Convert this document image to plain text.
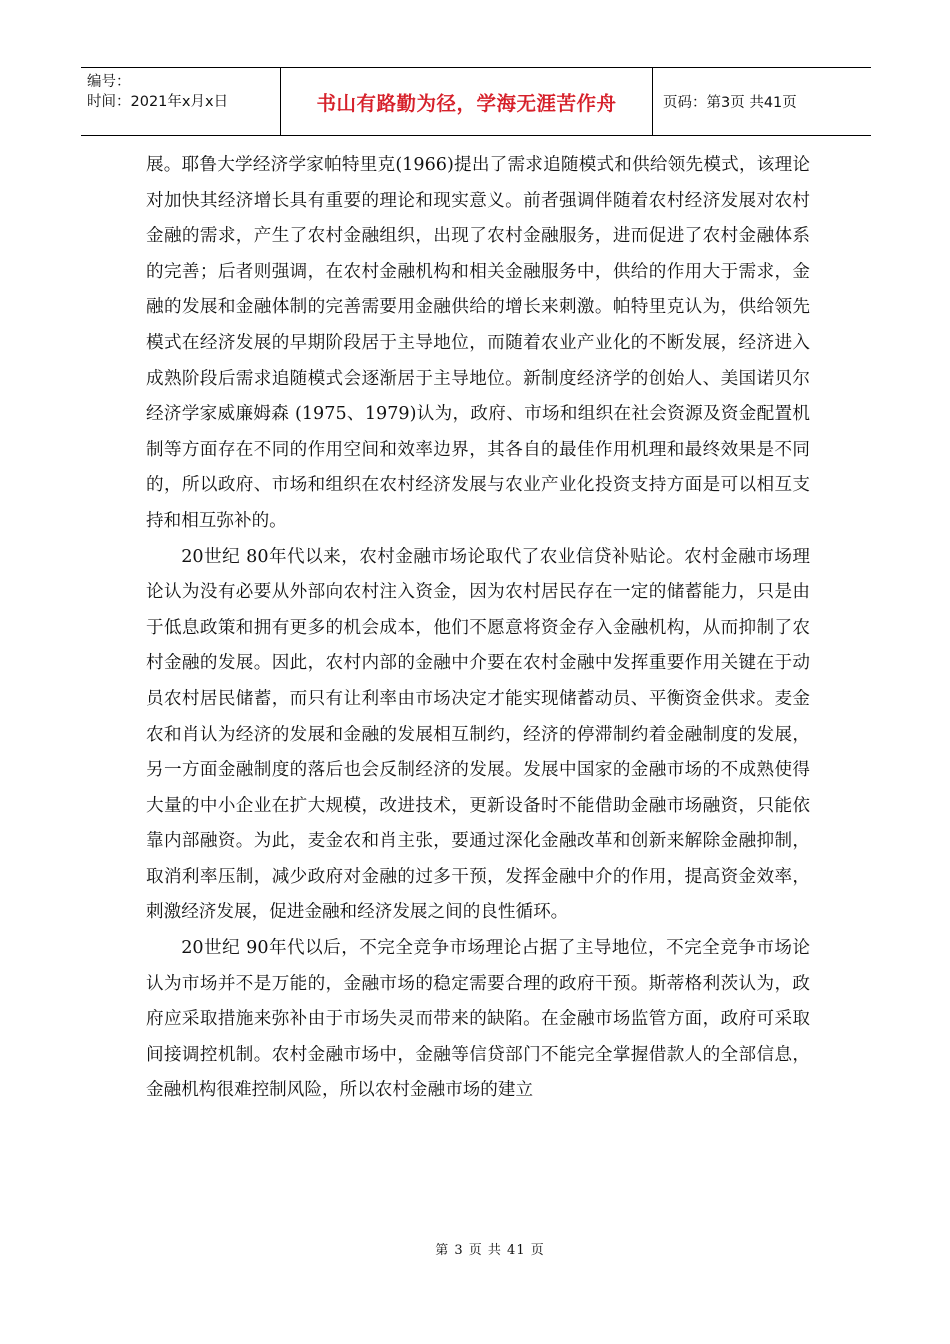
编号：
时间：2021年x月x日	书山有路勤为径，学海无涯苦作舟	页码：第3页 共41页

展。耶鲁大学经济学家帕特里克(1966)提出了需求追随模式和供给领先模式，该理论对加快其经济增长具有重要的理论和现实意义。前者强调伴随着农村经济发展对农村金融的需求，产生了农村金融组织，出现了农村金融服务，进而促进了农村金融体系的完善；后者则强调，在农村金融机构和相关金融服务中，供给的作用大于需求，金融的发展和金融体制的完善需要用金融供给的增长来刺激。帕特里克认为，供给领先模式在经济发展的早期阶段居于主导地位，而随着农业产业化的不断发展，经济进入成熟阶段后需求追随模式会逐渐居于主导地位。新制度经济学的创始人、美国诺贝尔经济学家威廉姆森 (1975、1979)认为，政府、市场和组织在社会资源及资金配置机制等方面存在不同的作用空间和效率边界，其各自的最佳作用机理和最终效果是不同的，所以政府、市场和组织在农村经济发展与农业产业化投资支持方面是可以相互支持和相互弥补的。

20世纪 80年代以来，农村金融市场论取代了农业信贷补贴论。农村金融市场理论认为没有必要从外部向农村注入资金，因为农村居民存在一定的储蓄能力，只是由于低息政策和拥有更多的机会成本，他们不愿意将资金存入金融机构，从而抑制了农村金融的发展。因此，农村内部的金融中介要在农村金融中发挥重要作用关键在于动员农村居民储蓄，而只有让利率由市场决定才能实现储蓄动员、平衡资金供求。麦金农和肖认为经济的发展和金融的发展相互制约，经济的停滞制约着金融制度的发展，另一方面金融制度的落后也会反制经济的发展。发展中国家的金融市场的不成熟使得大量的中小企业在扩大规模，改进技术，更新设备时不能借助金融市场融资，只能依靠内部融资。为此，麦金农和肖主张，要通过深化金融改革和创新来解除金融抑制，取消利率压制，减少政府对金融的过多干预，发挥金融中介的作用，提高资金效率，刺激经济发展，促进金融和经济发展之间的良性循环。

20世纪 90年代以后，不完全竞争市场理论占据了主导地位，不完全竞争市场论认为市场并不是万能的，金融市场的稳定需要合理的政府干预。斯蒂格利茨认为，政府应采取措施来弥补由于市场失灵而带来的缺陷。在金融市场监管方面，政府可采取间接调控机制。农村金融市场中，金融等信贷部门不能完全掌握借款人的全部信息，金融机构很难控制风险，所以农村金融市场的建立

第 3 页 共 41 页
